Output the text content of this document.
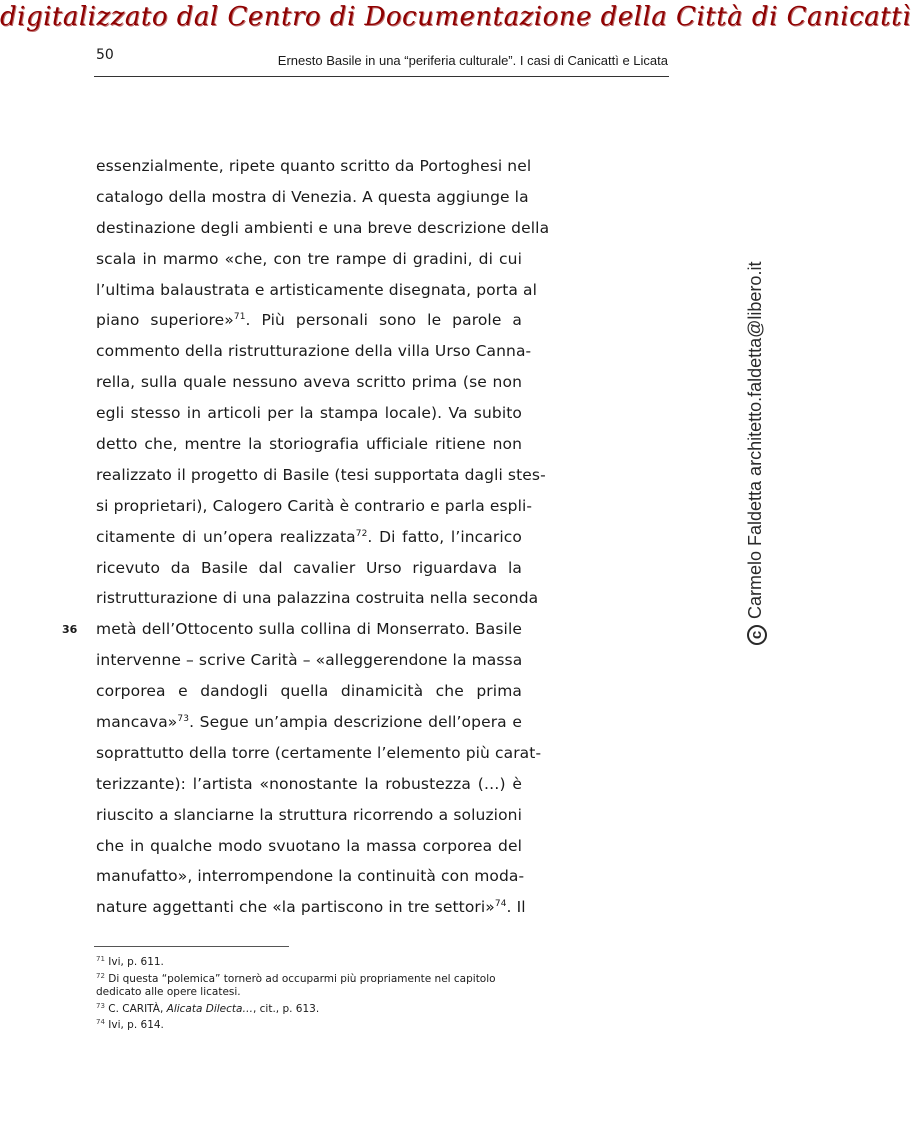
digitalizzato dal Centro di Documentazione della Città di Canicattì
50	Ernesto Basile in una “periferia culturale”. I casi di Canicattì e Licata
36
essenzialmente, ripete quanto scritto da Portoghesi nel
catalogo della mostra di Venezia. A questa aggiunge la
destinazione degli ambienti e una breve descrizione della
scala in marmo «che, con tre rampe di gradini, di cui
l’ultima balaustrata e artisticamente disegnata, porta al
piano superiore»$^{71}$. Più personali sono le parole a
commento della ristrutturazione della villa Urso Canna-
rella, sulla quale nessuno aveva scritto prima (se non
egli stesso in articoli per la stampa locale). Va subito
detto che, mentre la storiografia ufficiale ritiene non
realizzato il progetto di Basile (tesi supportata dagli stes-
si proprietari), Calogero Carità è contrario e parla espli-
citamente di un’opera realizzata$^{72}$. Di fatto, l’incarico
ricevuto da Basile dal cavalier Urso riguardava la
ristrutturazione di una palazzina costruita nella seconda
metà dell’Ottocento sulla collina di Monserrato. Basile
intervenne – scrive Carità – «alleggerendone la massa
corporea e dandogli quella dinamicità che prima
mancava»$^{73}$. Segue un’ampia descrizione dell’opera e
soprattutto della torre (certamente l’elemento più carat-
terizzante): l’artista «nonostante la robustezza (…) è
riuscito a slanciarne la struttura ricorrendo a soluzioni
che in qualche modo svuotano la massa corporea del
manufatto», interrompendone la continuità con moda-
nature aggettanti che «la partiscono in tre settori»$^{74}$. Il
$^{71}$ Ivi, p. 611.
$^{72}$ Di questa “polemica” tornerò ad occuparmi più propriamente nel capitolo dedicato alle opere licatesi.
$^{73}$ C. CARITÀ, Alicata Dilecta…, cit., p. 613.
$^{74}$ Ivi, p. 614.
cCarmelo Faldetta architetto.faldetta@libero.it
